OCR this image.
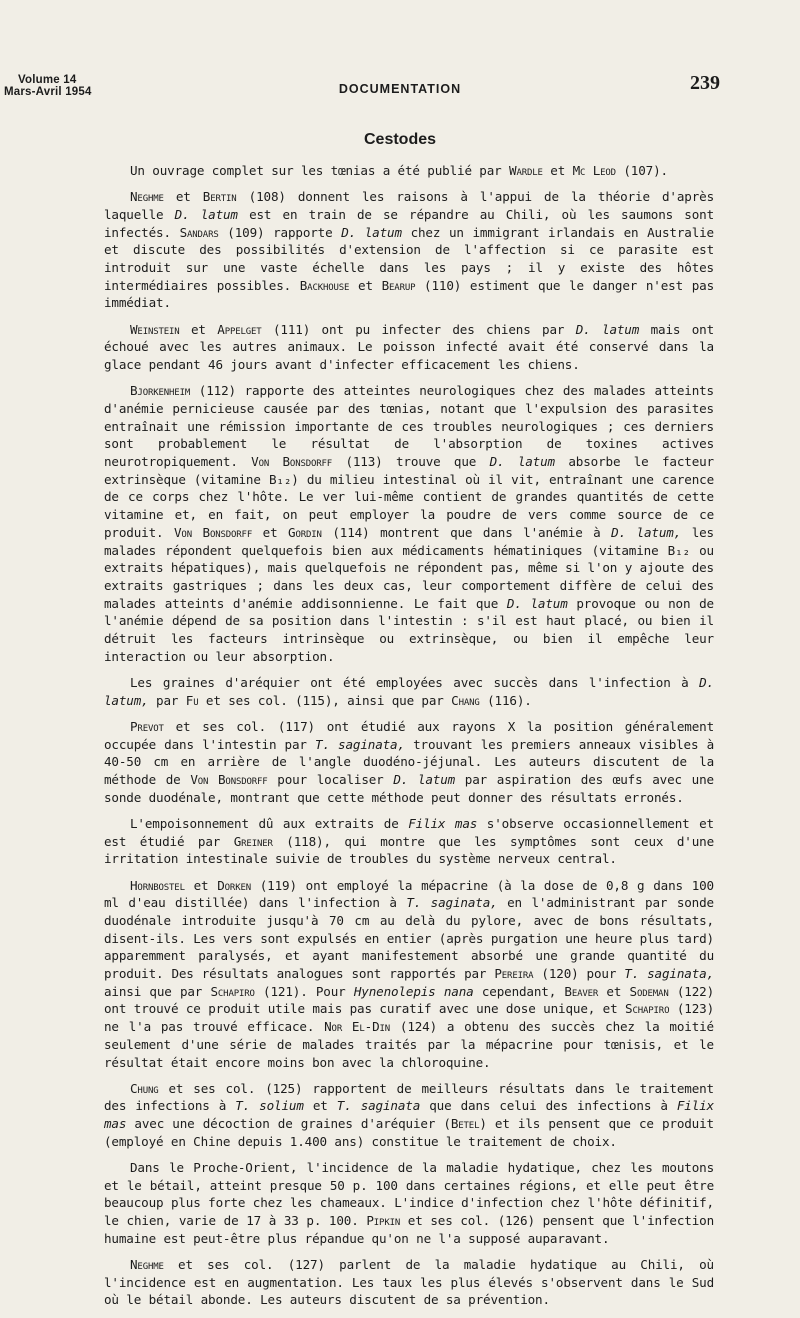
Volume 14
Mars-Avril 1954	DOCUMENTATION	239
Cestodes

Un ouvrage complet sur les tœnias a été publié par Wardle et Mc Leod (107).

Neghme et Bertin (108) donnent les raisons à l'appui de la théorie d'après laquelle D. latum est en train de se répandre au Chili, où les saumons sont infectés. Sandars (109) rapporte D. latum chez un immigrant irlandais en Australie et discute des possibilités d'extension de l'affection si ce parasite est introduit sur une vaste échelle dans les pays ; il y existe des hôtes intermédiaires possibles. Backhouse et Bearup (110) estiment que le danger n'est pas immédiat.

Weinstein et Appelget (111) ont pu infecter des chiens par D. latum mais ont échoué avec les autres animaux. Le poisson infecté avait été conservé dans la glace pendant 46 jours avant d'infecter efficacement les chiens.

Bjorkenheim (112) rapporte des atteintes neurologiques chez des malades atteints d'anémie pernicieuse causée par des tœnias, notant que l'expulsion des parasites entraînait une rémission importante de ces troubles neurologiques ; ces derniers sont probablement le résultat de l'absorption de toxines actives neurotropiquement. Von Bonsdorff (113) trouve que D. latum absorbe le facteur extrinsèque (vitamine B₁₂) du milieu intestinal où il vit, entraînant une carence de ce corps chez l'hôte. Le ver lui-même contient de grandes quantités de cette vitamine et, en fait, on peut employer la poudre de vers comme source de ce produit. Von Bonsdorff et Gordin (114) montrent que dans l'anémie à D. latum, les malades répondent quelquefois bien aux médicaments hématiniques (vitamine B₁₂ ou extraits hépatiques), mais quelquefois ne répondent pas, même si l'on y ajoute des extraits gastriques ; dans les deux cas, leur comportement diffère de celui des malades atteints d'anémie addisonnienne. Le fait que D. latum provoque ou non de l'anémie dépend de sa position dans l'intestin : s'il est haut placé, ou bien il détruit les facteurs intrinsèque ou extrinsèque, ou bien il empêche leur interaction ou leur absorption.

Les graines d'aréquier ont été employées avec succès dans l'infection à D. latum, par Fu et ses col. (115), ainsi que par Chang (116).

Prevot et ses col. (117) ont étudié aux rayons X la position généralement occupée dans l'intestin par T. saginata, trouvant les premiers anneaux visibles à 40-50 cm en arrière de l'angle duodéno-jéjunal. Les auteurs discutent de la méthode de Von Bonsdorff pour localiser D. latum par aspiration des œufs avec une sonde duodénale, montrant que cette méthode peut donner des résultats erronés.

L'empoisonnement dû aux extraits de Filix mas s'observe occasionnellement et est étudié par Greiner (118), qui montre que les symptômes sont ceux d'une irritation intestinale suivie de troubles du système nerveux central.

Hornbostel et Dorken (119) ont employé la mépacrine (à la dose de 0,8 g dans 100 ml d'eau distillée) dans l'infection à T. saginata, en l'administrant par sonde duodénale introduite jusqu'à 70 cm au delà du pylore, avec de bons résultats, disent-ils. Les vers sont expulsés en entier (après purgation une heure plus tard) apparemment paralysés, et ayant manifestement absorbé une grande quantité du produit. Des résultats analogues sont rapportés par Pereira (120) pour T. saginata, ainsi que par Schapiro (121). Pour Hynenolepis nana cependant, Beaver et Sodeman (122) ont trouvé ce produit utile mais pas curatif avec une dose unique, et Schapiro (123) ne l'a pas trouvé efficace. Nor El-Din (124) a obtenu des succès chez la moitié seulement d'une série de malades traités par la mépacrine pour tœnisis, et le résultat était encore moins bon avec la chloroquine.

Chung et ses col. (125) rapportent de meilleurs résultats dans le traitement des infections à T. solium et T. saginata que dans celui des infections à Filix mas avec une décoction de graines d'aréquier (Betel) et ils pensent que ce produit (employé en Chine depuis 1.400 ans) constitue le traitement de choix.

Dans le Proche-Orient, l'incidence de la maladie hydatique, chez les moutons et le bétail, atteint presque 50 p. 100 dans certaines régions, et elle peut être beaucoup plus forte chez les chameaux. L'indice d'infection chez l'hôte définitif, le chien, varie de 17 à 33 p. 100. Pipkin et ses col. (126) pensent que l'infection humaine est peut-être plus répandue qu'on ne l'a supposé auparavant.

Neghme et ses col. (127) parlent de la maladie hydatique au Chili, où l'incidence est en augmentation. Les taux les plus élevés s'observent dans le Sud où le bétail abonde. Les auteurs discutent de sa prévention.
